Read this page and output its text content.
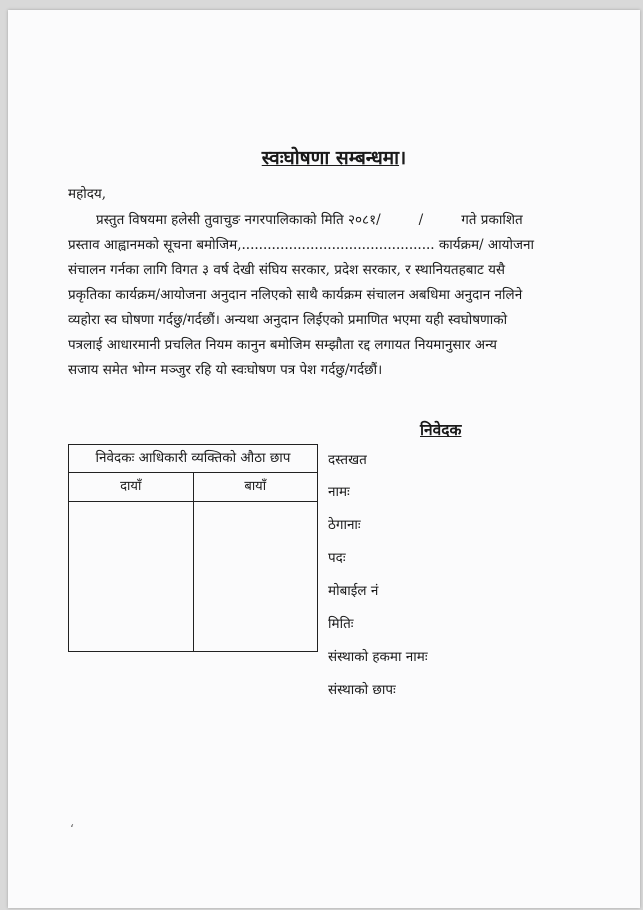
स्वःघोषणा सम्बन्धमा।
महोदय,
प्रस्तुत विषयमा हलेसी तुवाचुङ नगरपालिकाको मिति २०८१/	/	गते प्रकाशित
प्रस्ताव आह्वानमको सूचना बमोजिम,............................................. कार्यक्रम/ आयोजना
संचालन गर्नका लागि विगत ३ वर्ष देखी संघिय सरकार, प्रदेश सरकार, र स्थानियतहबाट यसै
प्रकृतिका कार्यक्रम/आयोजना अनुदान नलिएको साथै कार्यक्रम संचालन अबधिमा अनुदान नलिने
व्यहोरा स्व घोषणा गर्दछु/गर्दछौं। अन्यथा अनुदान लिईएको प्रमाणित भएमा यही स्वघोषणाको
पत्रलाई आधारमानी प्रचलित नियम कानुन बमोजिम सम्झौता रद्द लगायत नियमानुसार अन्य
सजाय समेत भोग्न मञ्जुर रहि यो स्वःघोषण पत्र पेश गर्दछु/गर्दछौं।
निवेदक
निवेदकः आधिकारी व्यक्तिको औठा छाप
दायाँ	बायाँ
दस्तखत
नामः
ठेगानाः
पदः
मोबाईल नं
मितिः
संस्थाको हकमा नामः
संस्थाको छापः
ʻ
